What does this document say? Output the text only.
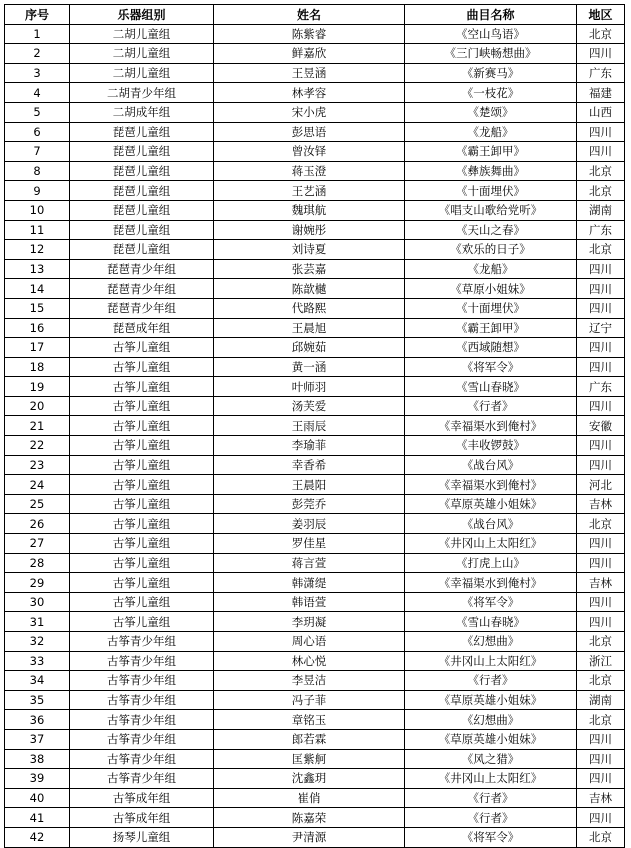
序号	乐器组别	姓名	曲目名称	地区
1	二胡儿童组	陈紫睿	《空山鸟语》	北京
2	二胡儿童组	鲜嘉欣	《三门峡畅想曲》	四川
3	二胡儿童组	王昱涵	《新赛马》	广东
4	二胡青少年组	林孝容	《一枝花》	福建
5	二胡成年组	宋小虎	《楚颂》	山西
6	琵琶儿童组	彭思语	《龙船》	四川
7	琵琶儿童组	曾汝铎	《霸王卸甲》	四川
8	琵琶儿童组	蒋玉澄	《彝族舞曲》	北京
9	琵琶儿童组	王艺涵	《十面埋伏》	北京
10	琵琶儿童组	魏琪航	《唱支山歌给党听》	湖南
11	琵琶儿童组	谢婉彤	《天山之春》	广东
12	琵琶儿童组	刘诗夏	《欢乐的日子》	北京
13	琵琶青少年组	张芸嘉	《龙船》	四川
14	琵琶青少年组	陈歆樾	《草原小姐妹》	四川
15	琵琶青少年组	代路熙	《十面埋伏》	四川
16	琵琶成年组	王晨旭	《霸王卸甲》	辽宁
17	古筝儿童组	邱婉茹	《西域随想》	四川
18	古筝儿童组	黄一涵	《将军令》	四川
19	古筝儿童组	叶师羽	《雪山春晓》	广东
20	古筝儿童组	汤芙爱	《行者》	四川
21	古筝儿童组	王雨辰	《幸福渠水到俺村》	安徽
22	古筝儿童组	李瑜菲	《丰收锣鼓》	四川
23	古筝儿童组	幸香希	《战台风》	四川
24	古筝儿童组	王晨阳	《幸福渠水到俺村》	河北
25	古筝儿童组	彭莞乔	《草原英雄小姐妹》	吉林
26	古筝儿童组	姜羽辰	《战台风》	北京
27	古筝儿童组	罗佳星	《井冈山上太阳红》	四川
28	古筝儿童组	蒋言萱	《打虎上山》	四川
29	古筝儿童组	韩潇缇	《幸福渠水到俺村》	吉林
30	古筝儿童组	韩语萱	《将军令》	四川
31	古筝儿童组	李玥凝	《雪山春晓》	四川
32	古筝青少年组	周心语	《幻想曲》	北京
33	古筝青少年组	林心悦	《井冈山上太阳红》	浙江
34	古筝青少年组	李昱洁	《行者》	北京
35	古筝青少年组	冯子菲	《草原英雄小姐妹》	湖南
36	古筝青少年组	章铭玉	《幻想曲》	北京
37	古筝青少年组	郎若霖	《草原英雄小姐妹》	四川
38	古筝青少年组	匡紫舸	《风之猎》	四川
39	古筝青少年组	沈鑫玥	《井冈山上太阳红》	四川
40	古筝成年组	崔俏	《行者》	吉林
41	古筝成年组	陈嘉荣	《行者》	四川
42	扬琴儿童组	尹清源	《将军令》	北京
